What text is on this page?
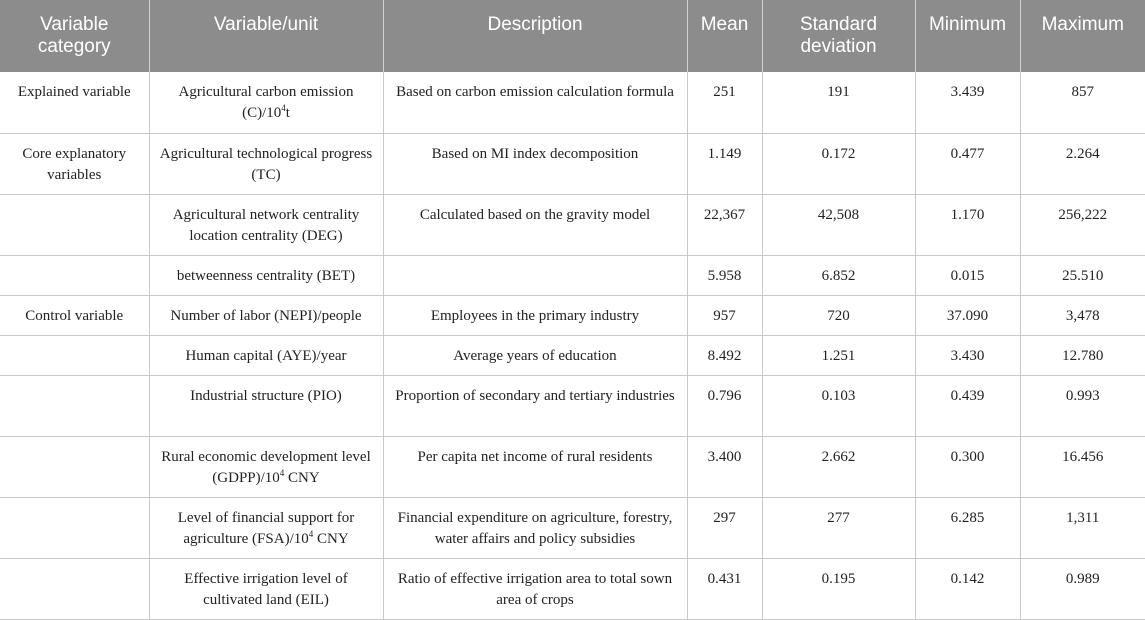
Variable category	Variable/unit	Description	Mean	Standard deviation	Minimum	Maximum
Explained variable	Agricultural carbon emission $(C)/10^4t$	Based on carbon emission calculation formula	251	191	3.439	857
Core explanatory variables	Agricultural technological progress (TC)	Based on MI index decomposition	1.149	0.172	0.477	2.264
	Agricultural network centrality location centrality (DEG)	Calculated based on the gravity model	22,367	42,508	1.170	256,222
	betweenness centrality (BET)		5.958	6.852	0.015	25.510
Control variable	Number of labor (NEPI)/people	Employees in the primary industry	957	720	37.090	3,478
	Human capital (AYE)/year	Average years of education	8.492	1.251	3.430	12.780
	Industrial structure (PIO)	Proportion of secondary and tertiary industries	0.796	0.103	0.439	0.993
	Rural economic development level $(GDPP)/10^4$ CNY	Per capita net income of rural residents	3.400	2.662	0.300	16.456
	Level of financial support for agriculture $(FSA)/10^4$ CNY	Financial expenditure on agriculture, forestry, water affairs and policy subsidies	297	277	6.285	1,311
	Effective irrigation level of cultivated land (EIL)	Ratio of effective irrigation area to total sown area of crops	0.431	0.195	0.142	0.989
